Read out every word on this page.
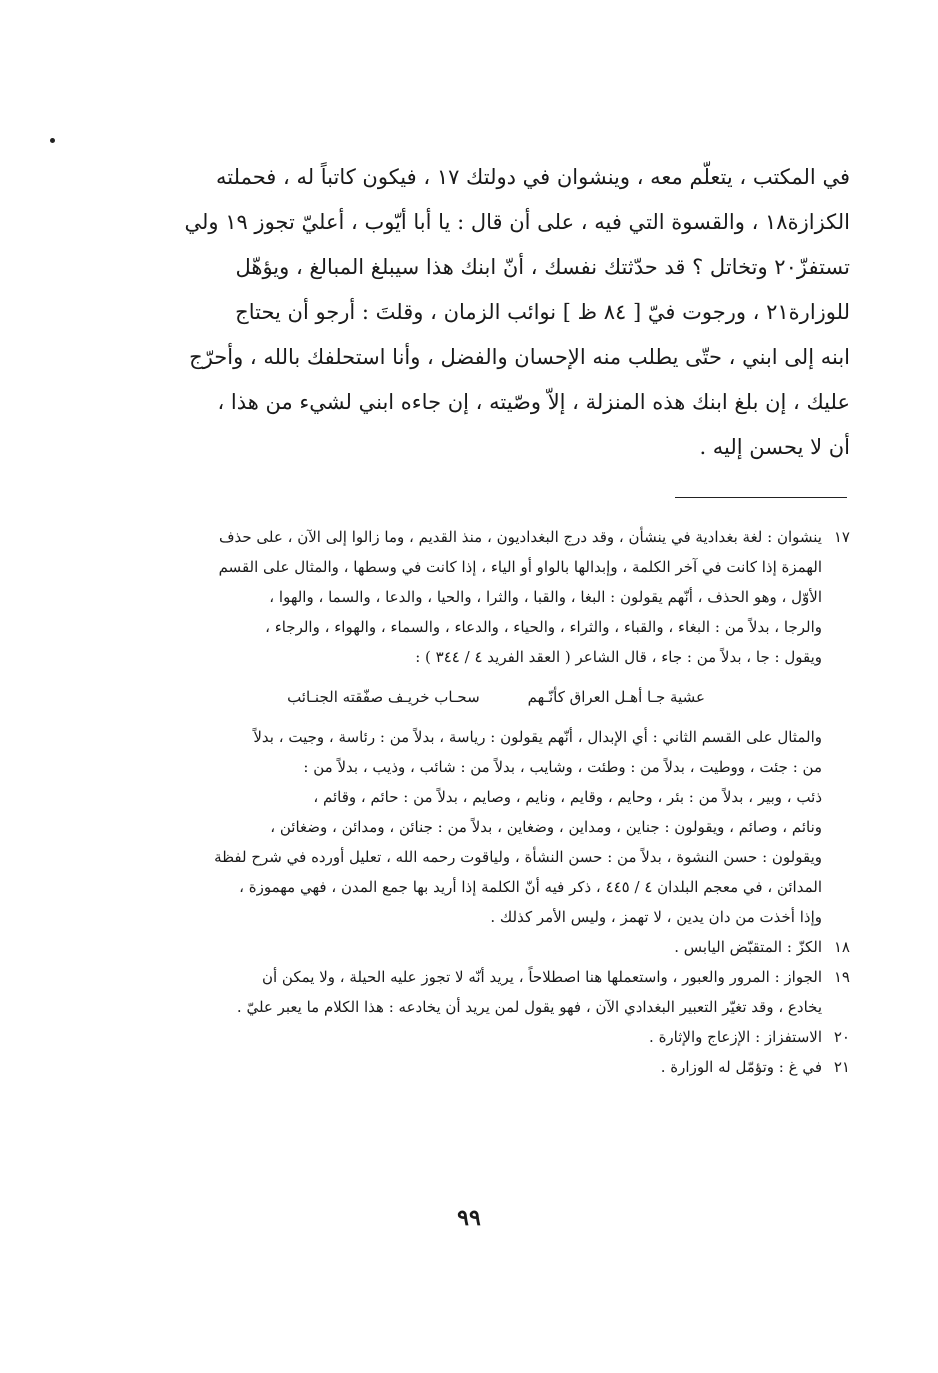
في المكتب ، يتعلّم معه ، وينشوان في دولتك ١٧ ، فيكون كاتباً له ، فحملته

الكزازة١٨ ، والقسوة التي فيه ، على أن قال : يا أبا أيّوب ، أعليّ تجوز ١٩ ولي

تستفزّ٢٠ وتخاتل ؟ قد حدّثتك نفسك ، أنّ ابنك هذا سيبلغ المبالغ ، ويؤهّل

للوزارة٢١ ، ورجوت فيّ [ ٨٤ ظ ] نوائب الزمان ، وقلتَ : أرجو أن يحتاج

ابنه إلى ابني ، حتّى يطلب منه الإحسان والفضل ، وأنا استحلفك بالله ، وأحرّج

عليك ، إن بلغ ابنك هذه المنزلة ، إلاّ وصّيته ، إن جاءه ابني لشيء من هذا ،

أن لا يحسن إليه .

١٧

ينشوان : لغة بغدادية في ينشأن ، وقد درج البغداديون ، منذ القديم ، وما زالوا إلى الآن ، على حذف

الهمزة إذا كانت في آخر الكلمة ، وإبدالها بالواو أو الياء ، إذا كانت في وسطها ، والمثال على القسم

الأوّل ، وهو الحذف ، أنّهم يقولون : البغا ، والقبا ، والثرا ، والحيا ، والدعا ، والسما ، والهوا ،

والرجا ، بدلاً من : البغاء ، والقباء ، والثراء ، والحياء ، والدعاء ، والسماء ، والهواء ، والرجاء ،

ويقول : جا ، بدلاً من : جاء ، قال الشاعر ( العقد الفريد ٤ / ٣٤٤ ) :

عشية جـا أهـل العراق كأنّـهم
سحـاب خريـف صفّقته الجنـائب

والمثال على القسم الثاني : أي الإبدال ، أنّهم يقولون : رياسة ، بدلاً من : رئاسة ، وجيت ، بدلاً

من : جئت ، ووطيت ، بدلاً من : وطئت ، وشايب ، بدلاً من : شائب ، وذيب ، بدلاً من :

ذئب ، وبير ، بدلاً من : بئر ، وحايم ، وقايم ، ونايم ، وصايم ، بدلاً من : حائم ، وقائم ،

ونائم ، وصائم ، ويقولون : جناين ، ومداين ، وضغاين ، بدلاً من : جنائن ، ومدائن ، وضغائن ،

ويقولون : حسن النشوة ، بدلاً من : حسن النشأة ، ولياقوت رحمه الله ، تعليل أورده في شرح لفظة

المدائن ، في معجم البلدان ٤ / ٤٤٥ ، ذكر فيه أنّ الكلمة إذا أريد بها جمع المدن ، فهي مهموزة ،

وإذا أخذت من دان يدين ، لا تهمز ، وليس الأمر كذلك .

١٨

الكزّ : المتقبّض اليابس .

١٩

الجواز : المرور والعبور ، واستعملها هنا اصطلاحاً ، يريد أنّه لا تجوز عليه الحيلة ، ولا يمكن أن

يخادع ، وقد تغيّر التعبير البغدادي الآن ، فهو يقول لمن يريد أن يخادعه : هذا الكلام ما يعبر عليّ .

٢٠

الاستفزاز : الإزعاج والإثارة .

٢١

في غ : وتؤمّل له الوزارة .

٩٩
